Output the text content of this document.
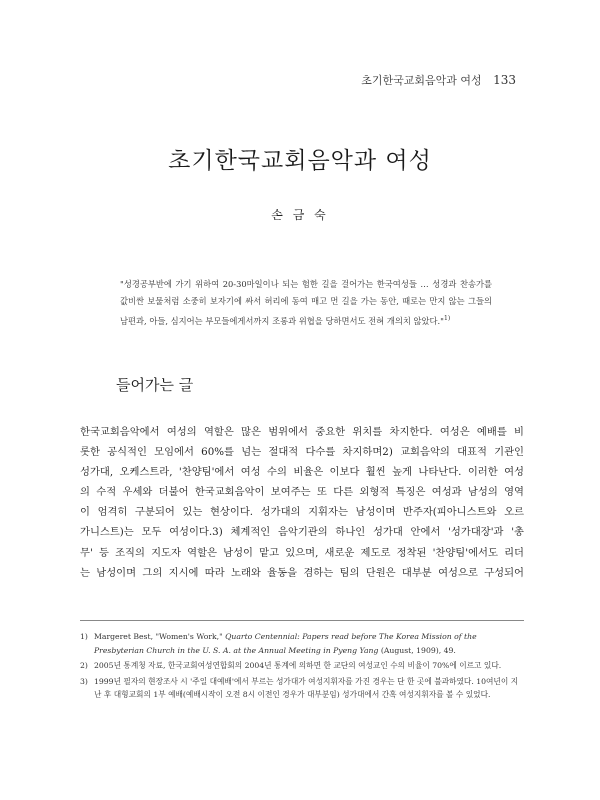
초기한국교회음악과 여성 133
초기한국교회음악과 여성
손 금 숙

"성경공부반에 가기 위하여 20-30마일이나 되는 험한 길을 걸어가는 한국여성들 … 성경과 찬송가를 값비싼 보물처럼 소중히 보자기에 싸서 허리에 동여 매고 먼 길을 가는 동안, 때로는 만지 않는 그들의 남편과, 아들, 심지어는 부모들에게서까지 조롱과 위협을 당하면서도 전혀 개의치 않았다."$^{1)}$

들어가는 글

한국교회음악에서 여성의 역할은 많은 범위에서 중요한 위치를 차지한다. 여성은 예배를 비
롯한 공식적인 모임에서 60%를 넘는 절대적 다수를 차지하며2) 교회음악의 대표적 기관인
성가대, 오케스트라, '찬양팀'에서 여성 수의 비율은 이보다 훨씬 높게 나타난다. 이러한 여성
의 수적 우세와 더불어 한국교회음악이 보여주는 또 다른 외형적 특징은 여성과 남성의 영역
이 엄격히 구분되어 있는 현상이다. 성가대의 지휘자는 남성이며 반주자(피아니스트와 오르
가니스트)는 모두 여성이다.3) 체계적인 음악기관의 하나인 성가대 안에서 '성가대장'과 '총
무' 등 조직의 지도자 역할은 남성이 맡고 있으며, 새로운 제도로 정착된 '찬양팀'에서도 리더
는 남성이며 그의 지시에 따라 노래와 율동을 겸하는 팀의 단원은 대부분 여성으로 구성되어

1) Margeret Best, "Women's Work," Quarto Centennial: Papers read before The Korea Mission of the Presbyterian Church in the U. S. A. at the Annual Meeting in Pyeng Yang (August, 1909), 49.
2) 2005년 통계청 자료, 한국교회여성연합회의 2004년 통계에 의하면 한 교단의 여성교인 수의 비율이 70%에 이르고 있다.
3) 1999년 필자의 현장조사 시 '주일 대예배'에서 부르는 성가대가 여성지휘자를 가진 경우는 단 한 곳에 불과하였다. 10여년이 지난 후 대형교회의 1부 예배(예배시작이 오전 8시 이전인 경우가 대부분임) 성가대에서 간혹 여성지휘자를 볼 수 있었다.
